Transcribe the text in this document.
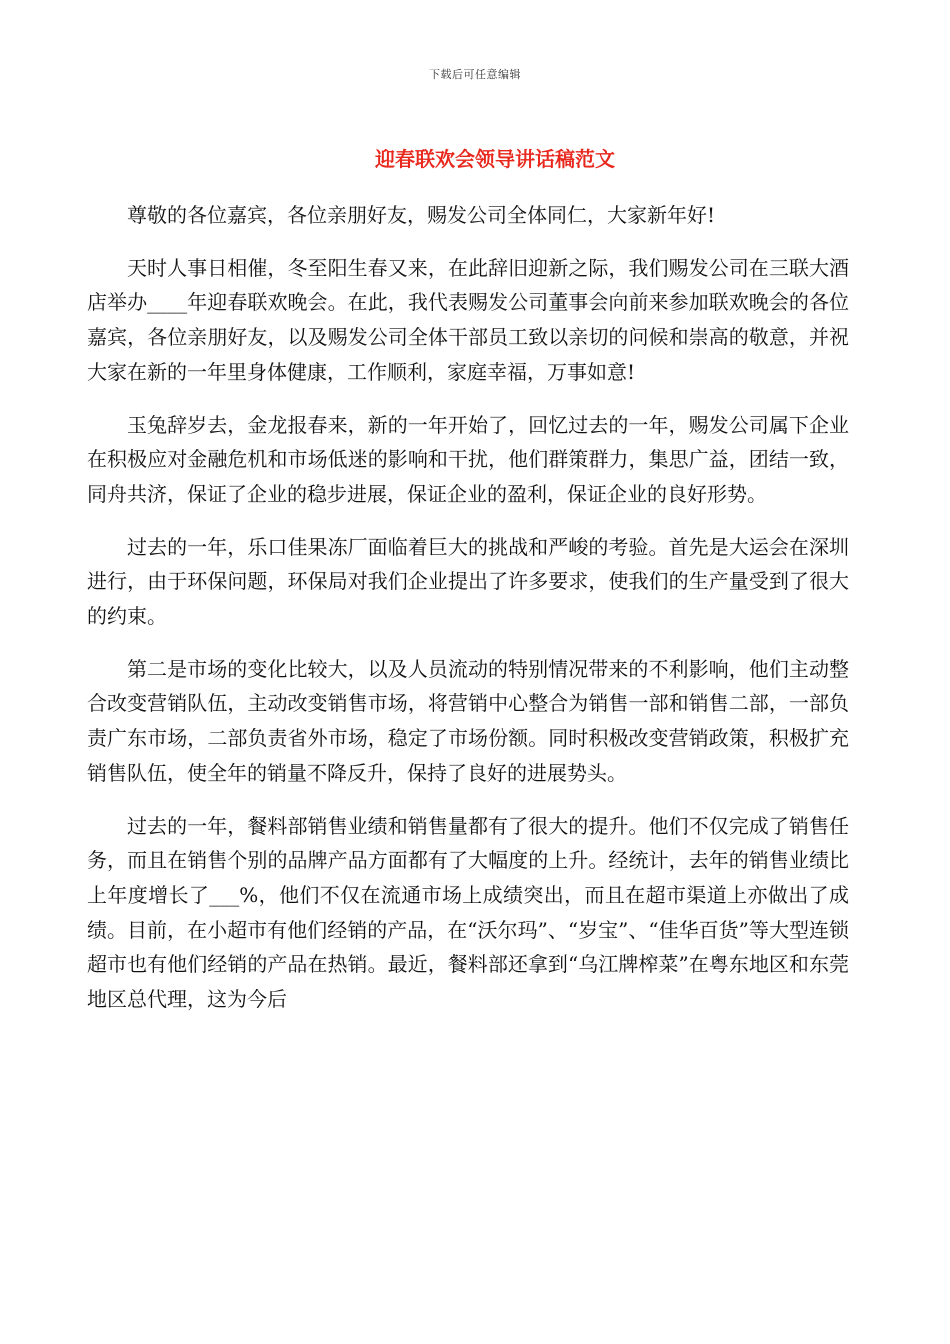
下载后可任意编辑
迎春联欢会领导讲话稿范文

尊敬的各位嘉宾，各位亲朋好友，赐发公司全体同仁，大家新年好!

天时人事日相催，冬至阳生春又来，在此辞旧迎新之际，我们赐发公司在三联大酒店举办____年迎春联欢晚会。在此，我代表赐发公司董事会向前来参加联欢晚会的各位嘉宾，各位亲朋好友，以及赐发公司全体干部员工致以亲切的问候和崇高的敬意，并祝大家在新的一年里身体健康，工作顺利，家庭幸福，万事如意!

玉兔辞岁去，金龙报春来，新的一年开始了，回忆过去的一年，赐发公司属下企业在积极应对金融危机和市场低迷的影响和干扰，他们群策群力，集思广益，团结一致，同舟共济，保证了企业的稳步进展，保证企业的盈利，保证企业的良好形势。

过去的一年，乐口佳果冻厂面临着巨大的挑战和严峻的考验。首先是大运会在深圳进行，由于环保问题，环保局对我们企业提出了许多要求，使我们的生产量受到了很大的约束。

第二是市场的变化比较大，以及人员流动的特别情况带来的不利影响，他们主动整合改变营销队伍，主动改变销售市场，将营销中心整合为销售一部和销售二部，一部负责广东市场，二部负责省外市场，稳定了市场份额。同时积极改变营销政策，积极扩充销售队伍，使全年的销量不降反升，保持了良好的进展势头。

过去的一年，餐料部销售业绩和销售量都有了很大的提升。他们不仅完成了销售任务，而且在销售个别的品牌产品方面都有了大幅度的上升。经统计，去年的销售业绩比上年度增长了___%，他们不仅在流通市场上成绩突出，而且在超市渠道上亦做出了成绩。目前，在小超市有他们经销的产品，在“沃尔玛”、“岁宝”、“佳华百货”等大型连锁超市也有他们经销的产品在热销。最近，餐料部还拿到“乌江牌榨菜”在粤东地区和东莞地区总代理，这为今后
